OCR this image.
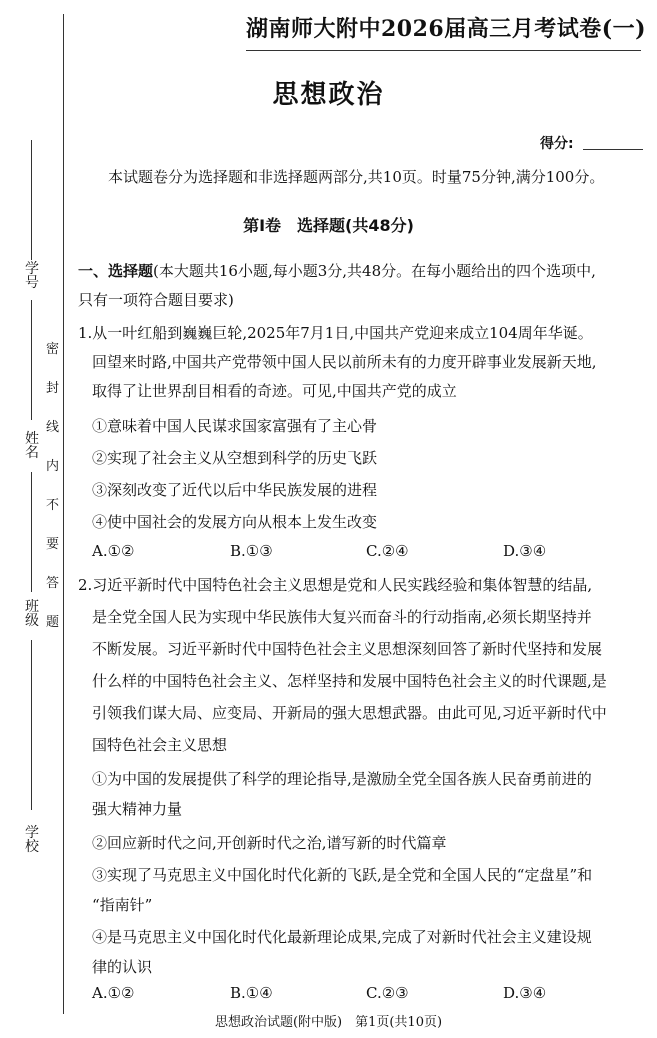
学号
姓名
班级
学校
密封线内不要答题
湖南师大附中2026届高三月考试卷(一)
思想政治
得分:
本试题卷分为选择题和非选择题两部分,共10页。时量75分钟,满分100分。
第Ⅰ卷　选择题(共48分)
一、选择题(本大题共16小题,每小题3分,共48分。在每小题给出的四个选项中,
只有一项符合题目要求)
1.从一叶红船到巍巍巨轮,2025年7月1日,中国共产党迎来成立104周年华诞。
回望来时路,中国共产党带领中国人民以前所未有的力度开辟事业发展新天地,
取得了让世界刮目相看的奇迹。可见,中国共产党的成立
①意味着中国人民谋求国家富强有了主心骨
②实现了社会主义从空想到科学的历史飞跃
③深刻改变了近代以后中华民族发展的进程
④使中国社会的发展方向从根本上发生改变
A.①②	B.①③	C.②④	D.③④
2.习近平新时代中国特色社会主义思想是党和人民实践经验和集体智慧的结晶,
是全党全国人民为实现中华民族伟大复兴而奋斗的行动指南,必须长期坚持并
不断发展。习近平新时代中国特色社会主义思想深刻回答了新时代坚持和发展
什么样的中国特色社会主义、怎样坚持和发展中国特色社会主义的时代课题,是
引领我们谋大局、应变局、开新局的强大思想武器。由此可见,习近平新时代中
国特色社会主义思想
①为中国的发展提供了科学的理论指导,是激励全党全国各族人民奋勇前进的
强大精神力量
②回应新时代之问,开创新时代之治,谱写新的时代篇章
③实现了马克思主义中国化时代化新的飞跃,是全党和全国人民的“定盘星”和
“指南针”
④是马克思主义中国化时代化最新理论成果,完成了对新时代社会主义建设规
律的认识
A.①②	B.①④	C.②③	D.③④
思想政治试题(附中版)　第1页(共10页)
